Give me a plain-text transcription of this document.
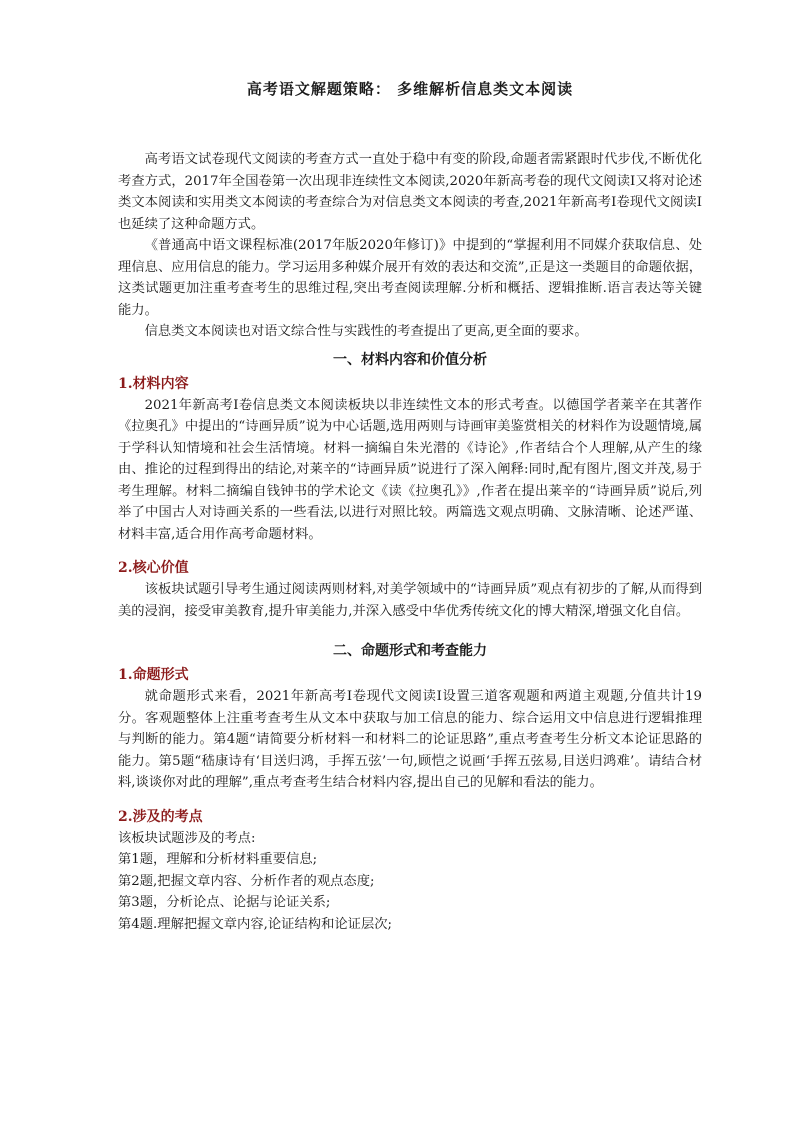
高考语文解题策略： 多维解析信息类文本阅读

高考语文试卷现代文阅读的考查方式一直处于稳中有变的阶段,命题者需紧跟时代步伐,不断优化考查方式，2017年全国卷第一次出现非连续性文本阅读,2020年新高考卷的现代文阅读Ⅰ又将对论述类文本阅读和实用类文本阅读的考查综合为对信息类文本阅读的考查,2021年新高考Ⅰ卷现代文阅读Ⅰ也延续了这种命题方式。

《普通高中语文课程标准(2017年版2020年修订)》中提到的“掌握利用不同媒介获取信息、处理信息、应用信息的能力。学习运用多种媒介展开有效的表达和交流”,正是这一类题目的命题依据，这类试题更加注重考查考生的思维过程,突出考查阅读理解.分析和概括、逻辑推断.语言表达等关键能力。

信息类文本阅读也对语文综合性与实践性的考查提出了更高,更全面的要求。

一、材料内容和价值分析
1.材料内容

2021年新高考Ⅰ卷信息类文本阅读板块以非连续性文本的形式考查。以德国学者莱辛在其著作《拉奥孔》中提出的“诗画异质”说为中心话题,选用两则与诗画审美鉴赏相关的材料作为设题情境,属于学科认知情境和社会生活情境。材料一摘编自朱光潜的《诗论》,作者结合个人理解,从产生的缘由、推论的过程到得出的结论,对莱辛的“诗画异质”说进行了深入阐释:同时,配有图片,图文并茂,易于考生理解。材料二摘编自钱钟书的学术论文《读《拉奥孔》》,作者在提出莱辛的“诗画异质”说后,列举了中国古人对诗画关系的一些看法,以进行对照比较。两篇选文观点明确、文脉清晰、论述严谨、材料丰富,适合用作高考命题材料。

2.核心价值

该板块试题引导考生通过阅读两则材料,对美学领域中的“诗画异质”观点有初步的了解,从而得到美的浸润，接受审美教育,提升审美能力,并深入感受中华优秀传统文化的博大精深,增强文化自信。

二、命题形式和考查能力
1.命题形式

就命题形式来看，2021年新高考Ⅰ卷现代文阅读Ⅰ设置三道客观题和两道主观题,分值共计19分。客观题整体上注重考查考生从文本中获取与加工信息的能力、综合运用文中信息进行逻辑推理与判断的能力。第4题“请简要分析材料一和材料二的论证思路”,重点考查考生分析文本论证思路的能力。第5题“嵇康诗有‘目送归鸿，手挥五弦’一句,顾恺之说画‘手挥五弦易,目送归鸿难’。请结合材料,谈谈你对此的理解”,重点考查考生结合材料内容,提出自己的见解和看法的能力。

2.涉及的考点

该板块试题涉及的考点:

第1题，理解和分析材料重要信息;

第2题,把握文章内容、分析作者的观点态度;

第3题，分析论点、论据与论证关系;

第4题.理解把握文章内容,论证结构和论证层次;
